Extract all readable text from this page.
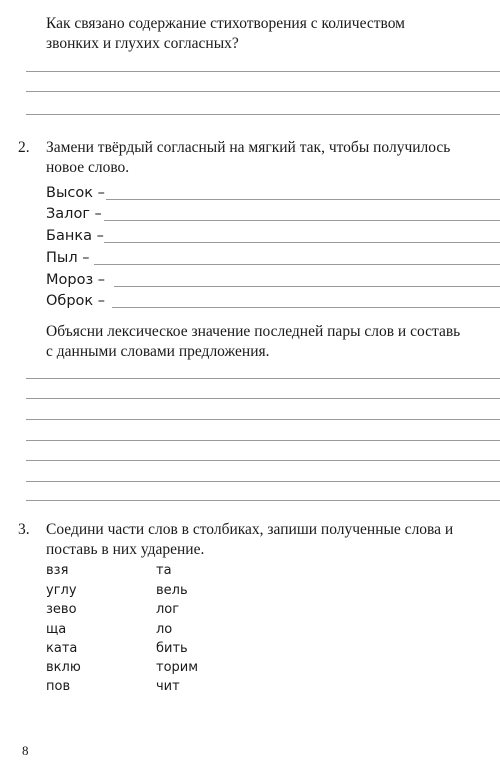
Как связано содержание стихотворения с количеством
звонких и глухих согласных?
2. Замени твёрдый согласный на мягкий так, чтобы получилось
новое слово.
Высок –
Залог –
Банка –
Пыл –
Мороз –
Оброк –
Объясни лексическое значение последней пары слов и составь
с данными словами предложения.
3. Соедини части слов в столбиках, запиши полученные слова и
поставь в них ударение.
взя
углу
зево
ща
ката
вклю
пов
та
вель
лог
ло
бить
торим
чит
8
